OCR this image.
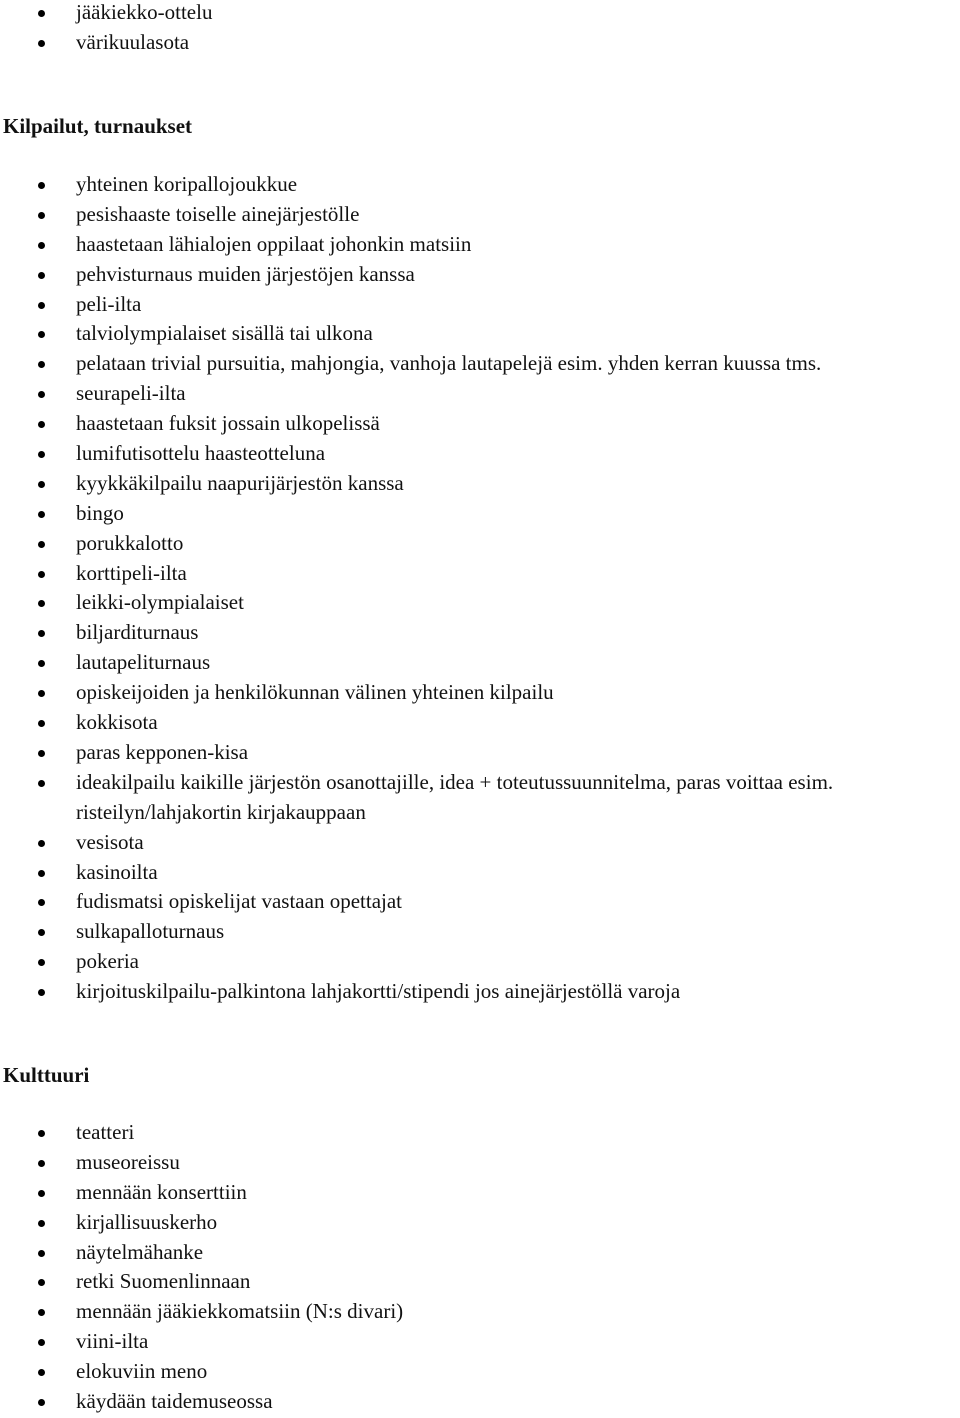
jääkiekko-ottelu
värikuulasota
Kilpailut, turnaukset
yhteinen koripallojoukkue
pesishaaste toiselle ainejärjestölle
haastetaan lähialojen oppilaat johonkin matsiin
pehvisturnaus muiden järjestöjen kanssa
peli-ilta
talviolympialaiset sisällä tai ulkona
pelataan trivial pursuitia, mahjongia, vanhoja lautapelejä esim. yhden kerran kuussa tms.
seurapeli-ilta
haastetaan fuksit jossain ulkopelissä
lumifutisottelu haasteotteluna
kyykkäkilpailu naapurijärjestön kanssa
bingo
porukkalotto
korttipeli-ilta
leikki-olympialaiset
biljarditurnaus
lautapeliturnaus
opiskeijoiden ja henkilökunnan välinen yhteinen kilpailu
kokkisota
paras kepponen-kisa
ideakilpailu kaikille järjestön osanottajille, idea + toteutussuunnitelma, paras voittaa esim. risteilyn/lahjakortin kirjakauppaan
vesisota
kasinoilta
fudismatsi opiskelijat vastaan opettajat
sulkapalloturnaus
pokeria
kirjoituskilpailu-palkintona lahjakortti/stipendi jos ainejärjestöllä varoja
Kulttuuri
teatteri
museoreissu
mennään konserttiin
kirjallisuuskerho
näytelmähanke
retki Suomenlinnaan
mennään jääkiekkomatsiin (N:s divari)
viini-ilta
elokuviin meno
käydään taidemuseossa
